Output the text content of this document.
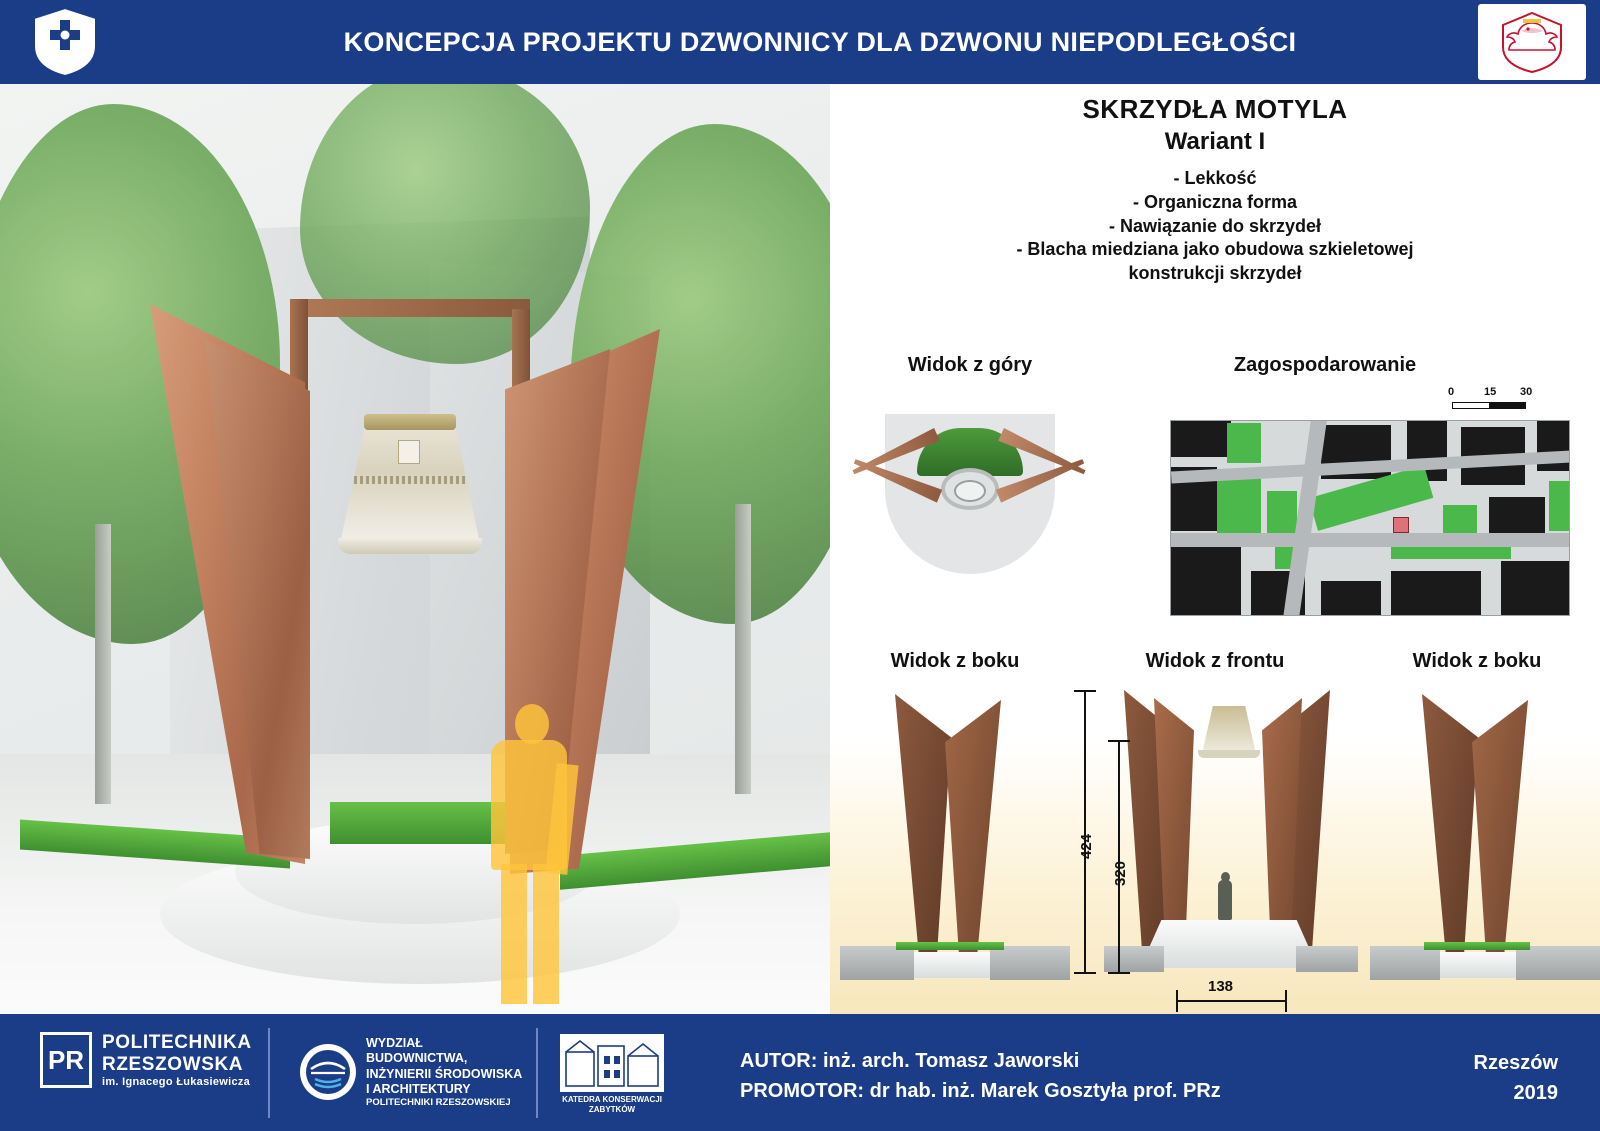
KONCEPCJA PROJEKTU DZWONNICY DLA DZWONU NIEPODLEGŁOŚCI
SKRZYDŁA MOTYLA
Wariant I
- Lekkość
- Organiczna forma
- Nawiązanie do skrzydeł
- Blacha miedziana jako obudowa szkieletowej
konstrukcji skrzydeł
Widok z góry	Zagospodarowanie
0	15 30
Widok z boku	Widok z frontu	Widok z boku
424
320
138
PR
POLITECHNIKA
RZESZOWSKA
im. Ignacego Łukasiewicza
WYDZIAŁ
BUDOWNICTWA,
INŻYNIERII ŚRODOWISKA
I ARCHITEKTURY
POLITECHNIKI RZESZOWSKIEJ	KATEDRA KONSERWACJI
ZABYTKÓW
AUTOR: inż. arch. Tomasz Jaworski
PROMOTOR: dr hab. inż. Marek Gosztyła prof. PRz
Rzeszów
2019
